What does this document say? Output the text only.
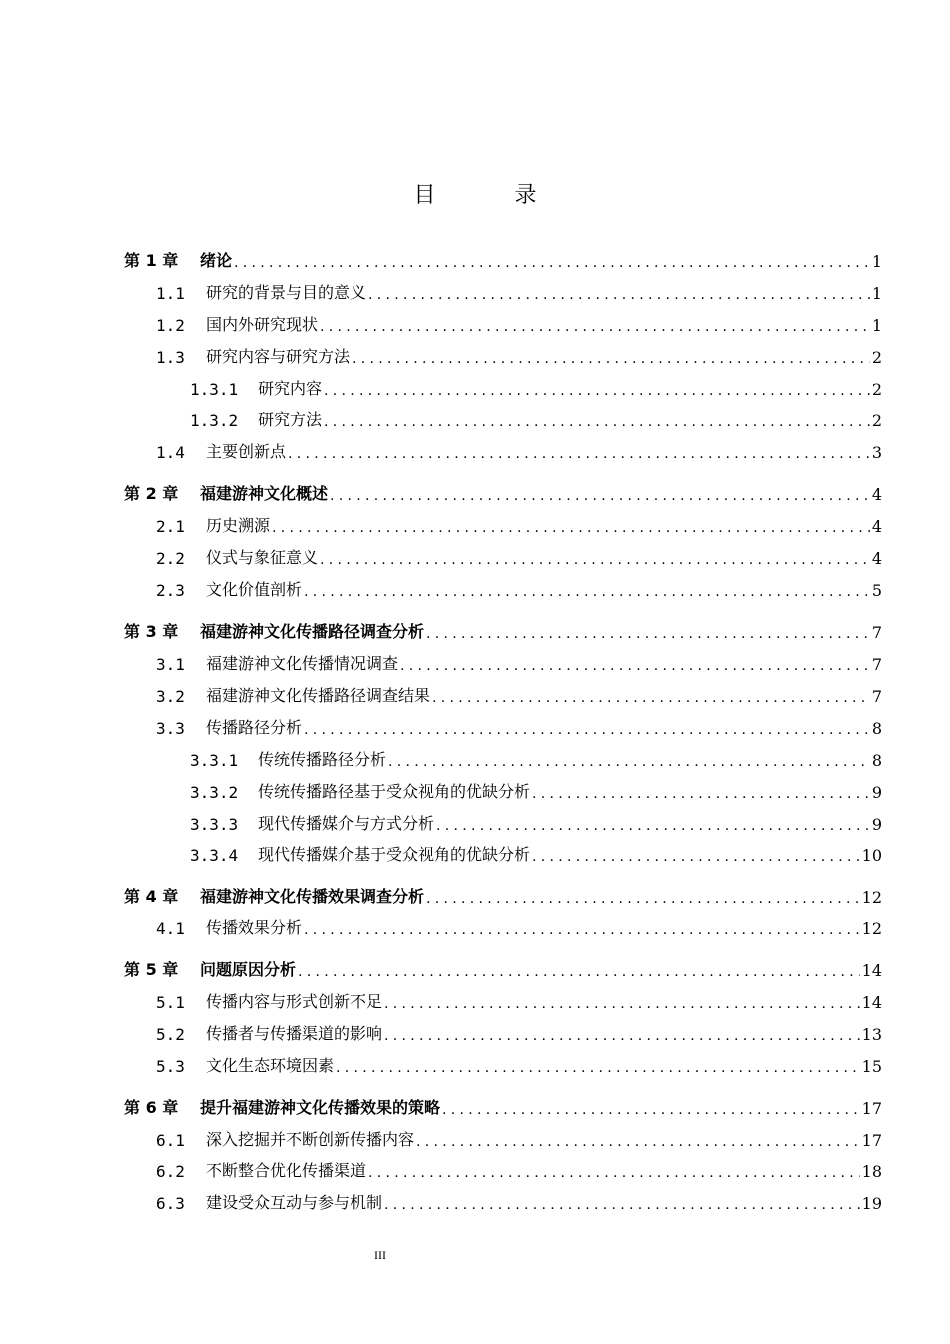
目 录
第 1 章	绪论 .....	1
1.1	研究的背景与目的意义 .....	1
1.2	国内外研究现状 .....	1
1.3	研究内容与研究方法 .....	2
1.3.1	研究内容 .....	2
1.3.2	研究方法 .....	2
1.4	主要创新点 .....	3
第 2 章	福建游神文化概述 .....	4
2.1	历史溯源 .....	4
2.2	仪式与象征意义 .....	4
2.3	文化价值剖析 .....	5
第 3 章	福建游神文化传播路径调查分析 .....	7
3.1	福建游神文化传播情况调查 .....	7
3.2	福建游神文化传播路径调查结果 .....	7
3.3	传播路径分析 .....	8
3.3.1	传统传播路径分析 .....	8
3.3.2	传统传播路径基于受众视角的优缺分析 .....	9
3.3.3	现代传播媒介与方式分析 .....	9
3.3.4	现代传播媒介基于受众视角的优缺分析 .....	10
第 4 章	福建游神文化传播效果调查分析 .....	12
4.1	传播效果分析 .....	12
第 5 章	问题原因分析 .....	14
5.1	传播内容与形式创新不足 .....	14
5.2	传播者与传播渠道的影响 .....	13
5.3	文化生态环境因素 .....	15
第 6 章	提升福建游神文化传播效果的策略 .....	17
6.1	深入挖掘并不断创新传播内容 .....	17
6.2	不断整合优化传播渠道 .....	18
6.3	建设受众互动与参与机制 .....	19
III
